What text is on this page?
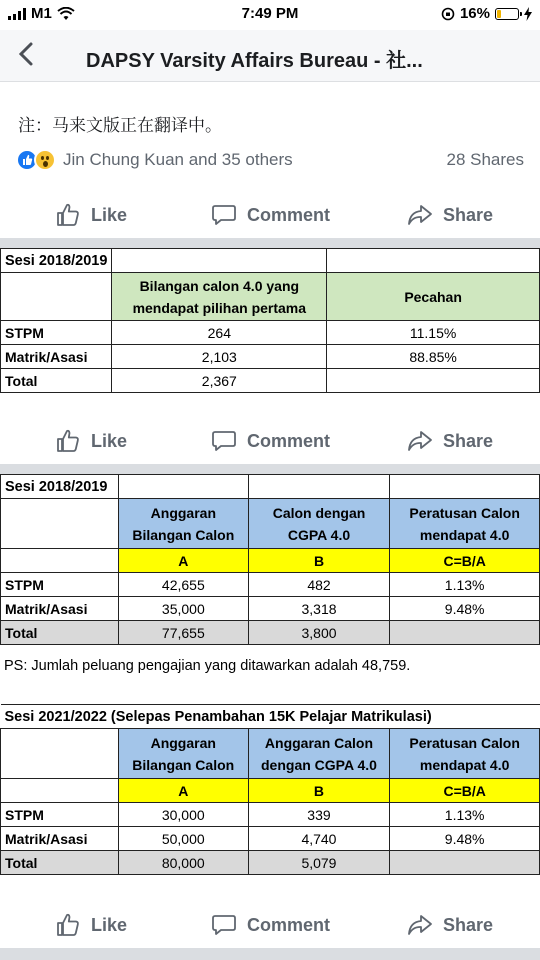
M1	7:49 PM	16%
DAPSY Varsity Affairs Bureau - 社...
注：马来文版正在翻译中。
Jin Chung Kuan and 35 others	28 Shares
Like	Comment	Share
Sesi 2018/2019		
	Bilangan calon 4.0 yang mendapat pilihan pertama	Pecahan
STPM	264	11.15%
Matrik/Asasi	2,103	88.85%
Total	2,367	
Like	Comment	Share
Sesi 2018/2019			
	Anggaran Bilangan Calon	Calon dengan CGPA 4.0	Peratusan Calon mendapat 4.0
	A	B	C=B/A
STPM	42,655	482	1.13%
Matrik/Asasi	35,000	3,318	9.48%
Total	77,655	3,800	
PS: Jumlah peluang pengajian yang ditawarkan adalah 48,759.
Sesi 2021/2022 (Selepas Penambahan 15K Pelajar Matrikulasi)			
	Anggaran Bilangan Calon	Anggaran Calon dengan CGPA 4.0	Peratusan Calon mendapat 4.0
	A	B	C=B/A
STPM	30,000	339	1.13%
Matrik/Asasi	50,000	4,740	9.48%
Total	80,000	5,079	
Like	Comment	Share
